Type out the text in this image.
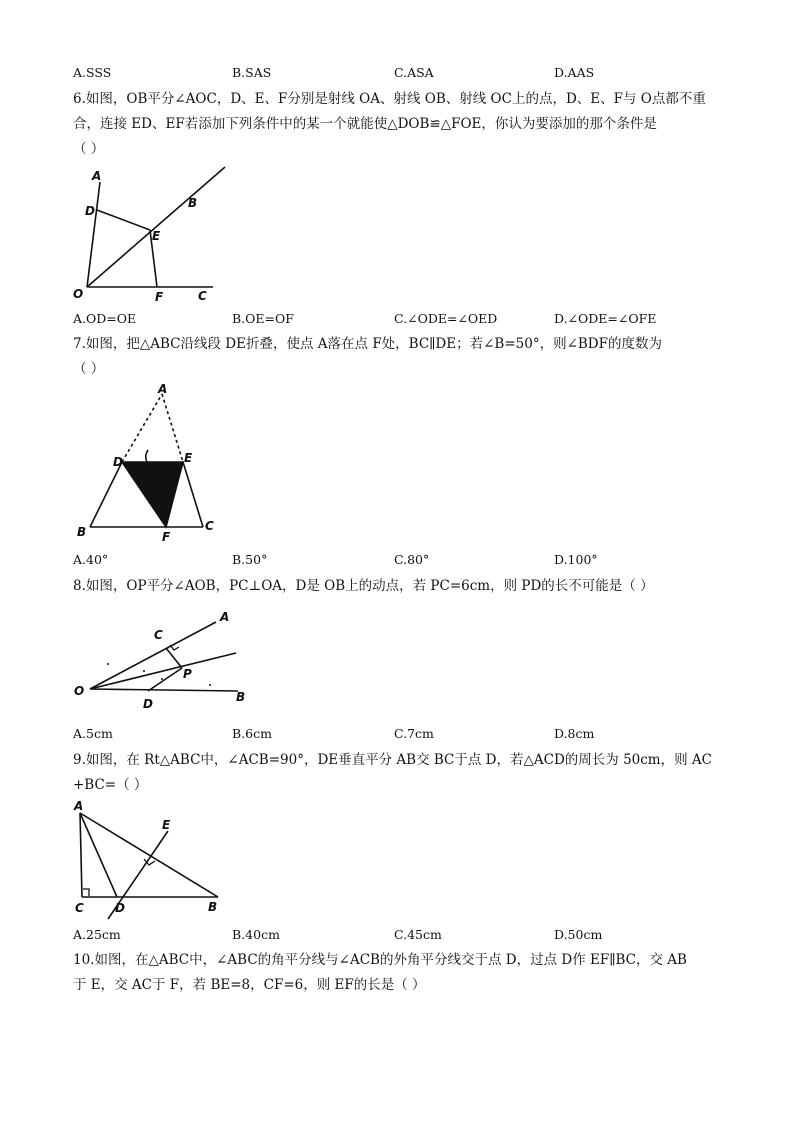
A.SSS	B.SAS	C.ASA	D.AAS
6.如图，OB平分∠AOC，D、E、F分别是射线 OA、射线 OB、射线 OC上的点，D、E、F与 O点都不重
合，连接 ED、EF若添加下列条件中的某一个就能使△DOB≌△FOE，你认为要添加的那个条件是
（ ）
A
B
C
D
E
F
O
A.OD=OE	B.OE=OF	C.∠ODE=∠OED	D.∠ODE=∠OFE
7.如图，把△ABC沿线段 DE折叠，使点 A落在点 F处，BC∥DE；若∠B=50°，则∠BDF的度数为
（ ）
A
B	C
D	E
F
A.40°	B.50°	C.80°	D.100°
8.如图，OP平分∠AOB，PC⊥OA，D是 OB上的动点，若 PC=6cm，则 PD的长不可能是（ ）
A
B
C
D
O
P
A.5cm	B.6cm	C.7cm	D.8cm
9.如图，在 Rt△ABC中，∠ACB=90°，DE垂直平分 AB交 BC于点 D，若△ACD的周长为 50cm，则 AC
+BC=（ ）
A
B
C	D
E
A.25cm	B.40cm	C.45cm	D.50cm
10.如图，在△ABC中，∠ABC的角平分线与∠ACB的外角平分线交于点 D，过点 D作 EF∥BC，交 AB
于 E，交 AC于 F，若 BE=8，CF=6，则 EF的长是（ ）
